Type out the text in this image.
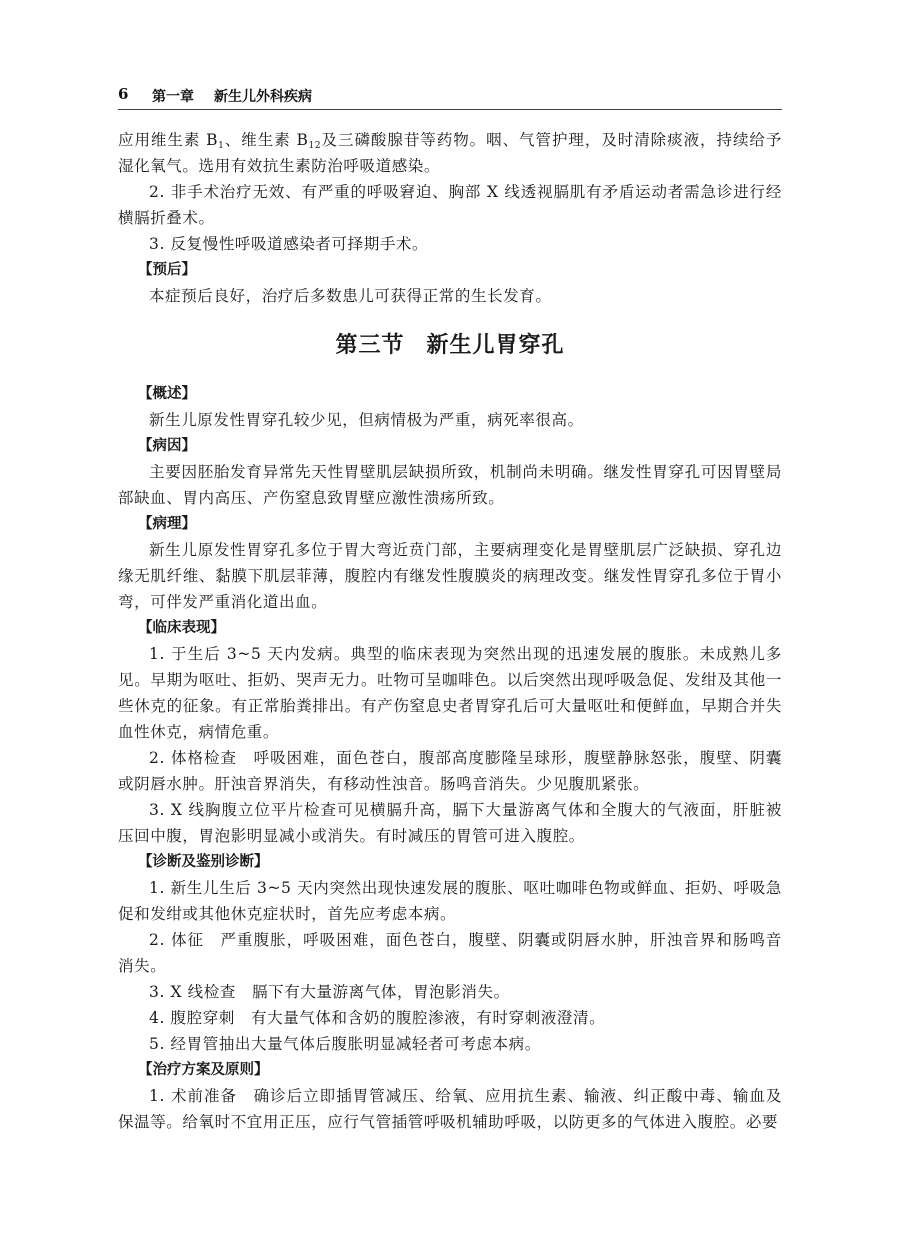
6 第一章 新生儿外科疾病

应用维生素 $B_1$、维生素 $B_{12}$及三磷酸腺苷等药物。咽、气管护理，及时清除痰液，持续给予湿化氧气。选用有效抗生素防治呼吸道感染。

2. 非手术治疗无效、有严重的呼吸窘迫、胸部 X 线透视膈肌有矛盾运动者需急诊进行经横膈折叠术。

3. 反复慢性呼吸道感染者可择期手术。

【预后】

本症预后良好，治疗后多数患儿可获得正常的生长发育。

第三节 新生儿胃穿孔

【概述】

新生儿原发性胃穿孔较少见，但病情极为严重，病死率很高。

【病因】

主要因胚胎发育异常先天性胃壁肌层缺损所致，机制尚未明确。继发性胃穿孔可因胃壁局部缺血、胃内高压、产伤窒息致胃壁应激性溃疡所致。

【病理】

新生儿原发性胃穿孔多位于胃大弯近贲门部，主要病理变化是胃壁肌层广泛缺损、穿孔边缘无肌纤维、黏膜下肌层菲薄，腹腔内有继发性腹膜炎的病理改变。继发性胃穿孔多位于胃小弯，可伴发严重消化道出血。

【临床表现】

1. 于生后 3~5 天内发病。典型的临床表现为突然出现的迅速发展的腹胀。未成熟儿多见。早期为呕吐、拒奶、哭声无力。吐物可呈咖啡色。以后突然出现呼吸急促、发绀及其他一些休克的征象。有正常胎粪排出。有产伤窒息史者胃穿孔后可大量呕吐和便鲜血，早期合并失血性休克，病情危重。

2. 体格检查　呼吸困难，面色苍白，腹部高度膨隆呈球形，腹壁静脉怒张，腹壁、阴囊或阴唇水肿。肝浊音界消失，有移动性浊音。肠鸣音消失。少见腹肌紧张。

3. X 线胸腹立位平片检查可见横膈升高，膈下大量游离气体和全腹大的气液面，肝脏被压回中腹，胃泡影明显减小或消失。有时减压的胃管可进入腹腔。

【诊断及鉴别诊断】

1. 新生儿生后 3~5 天内突然出现快速发展的腹胀、呕吐咖啡色物或鲜血、拒奶、呼吸急促和发绀或其他休克症状时，首先应考虑本病。

2. 体征　严重腹胀，呼吸困难，面色苍白，腹壁、阴囊或阴唇水肿，肝浊音界和肠鸣音消失。

3. X 线检查　膈下有大量游离气体，胃泡影消失。

4. 腹腔穿刺　有大量气体和含奶的腹腔渗液，有时穿刺液澄清。

5. 经胃管抽出大量气体后腹胀明显减轻者可考虑本病。

【治疗方案及原则】

1. 术前准备　确诊后立即插胃管减压、给氧、应用抗生素、输液、纠正酸中毒、输血及保温等。给氧时不宜用正压，应行气管插管呼吸机辅助呼吸，以防更多的气体进入腹腔。必要
